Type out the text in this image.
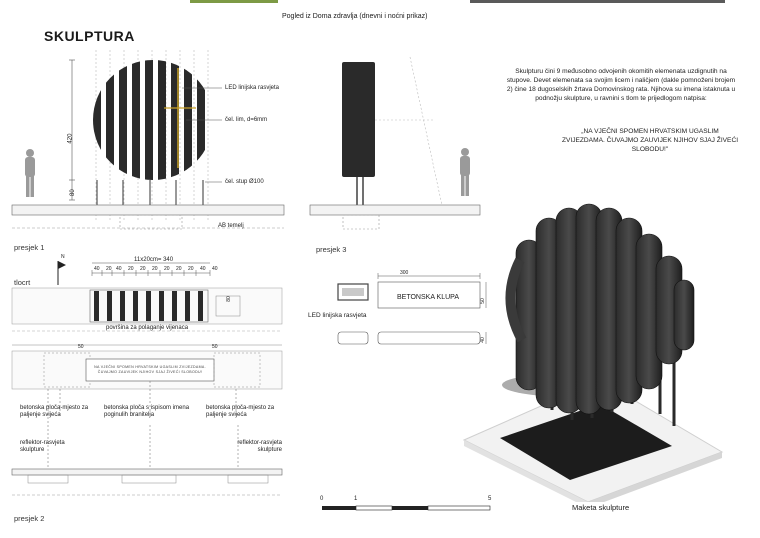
SKULPTURA
Pogled iz Doma zdravlja (dnevni i noćni prikaz)
420
80
LED linijska rasvjeta
čel. lim, d=6mm
čel. stup Ø100
AB temelj
presjek 1	presjek 3
11x20cm= 340
N
40 20 40 20 20 20 20 20 20 40 40
tlocrt
80
površina za polaganje vijenaca
50	50
NA VJEČNI SPOMEN HRVATSKIM UGASLIM ZVIJEZDAMA. ČUVAJMO ZAUVIJEK NJIHOV SJAJ ŽIVEĆI SLOBODU!
betonska ploča-mjesto za paljenje svijeća
betonska ploča s ispisom imena poginulih branitelja
betonska ploča-mjesto za paljenje svijeća
reflektor-rasvjeta skulpture
reflektor-rasvjeta skulpture
presjek 2
300
BETONSKA KLUPA
LED linijska rasvjeta
50
40
0	1	5
Skulpturu čini 9 međusobno odvojenih okomitih elemenata uzdignutih na stupove. Devet elemenata sa svojim licem i naličjem (dakle pomnoženi brojem 2) čine 18 dugoselskih žrtava Domovinskog rata. Njihova su imena istaknuta u podnožju skulpture, u ravnini s tlom te prijedlogom natpisa:
„NA VJEČNI SPOMEN HRVATSKIM UGASLIM ZVIJEZDAMA. ČUVAJMO ZAUVIJEK NJIHOV SJAJ ŽIVEĆI SLOBODU!"
Maketa skulpture
